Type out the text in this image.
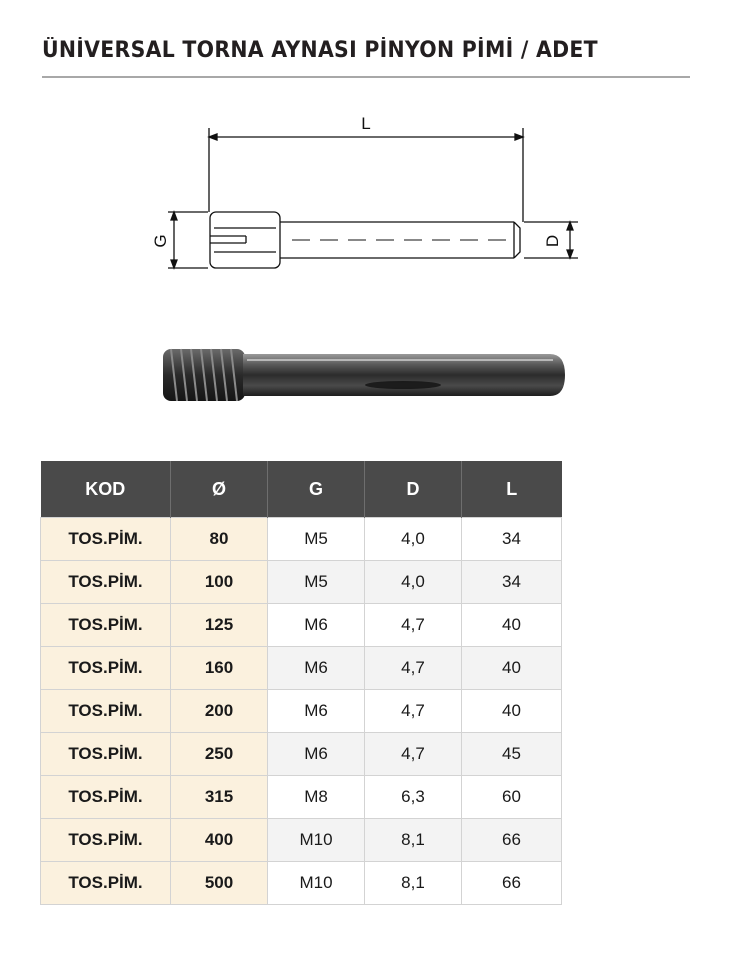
ÜNİVERSAL TORNA AYNASI PİNYON PİMİ / ADET
L
G	D
KOD	Ø	G	D	L
TOS.PİM.	80	M5	4,0	34
TOS.PİM.	100	M5	4,0	34
TOS.PİM.	125	M6	4,7	40
TOS.PİM.	160	M6	4,7	40
TOS.PİM.	200	M6	4,7	40
TOS.PİM.	250	M6	4,7	45
TOS.PİM.	315	M8	6,3	60
TOS.PİM.	400	M10	8,1	66
TOS.PİM.	500	M10	8,1	66
